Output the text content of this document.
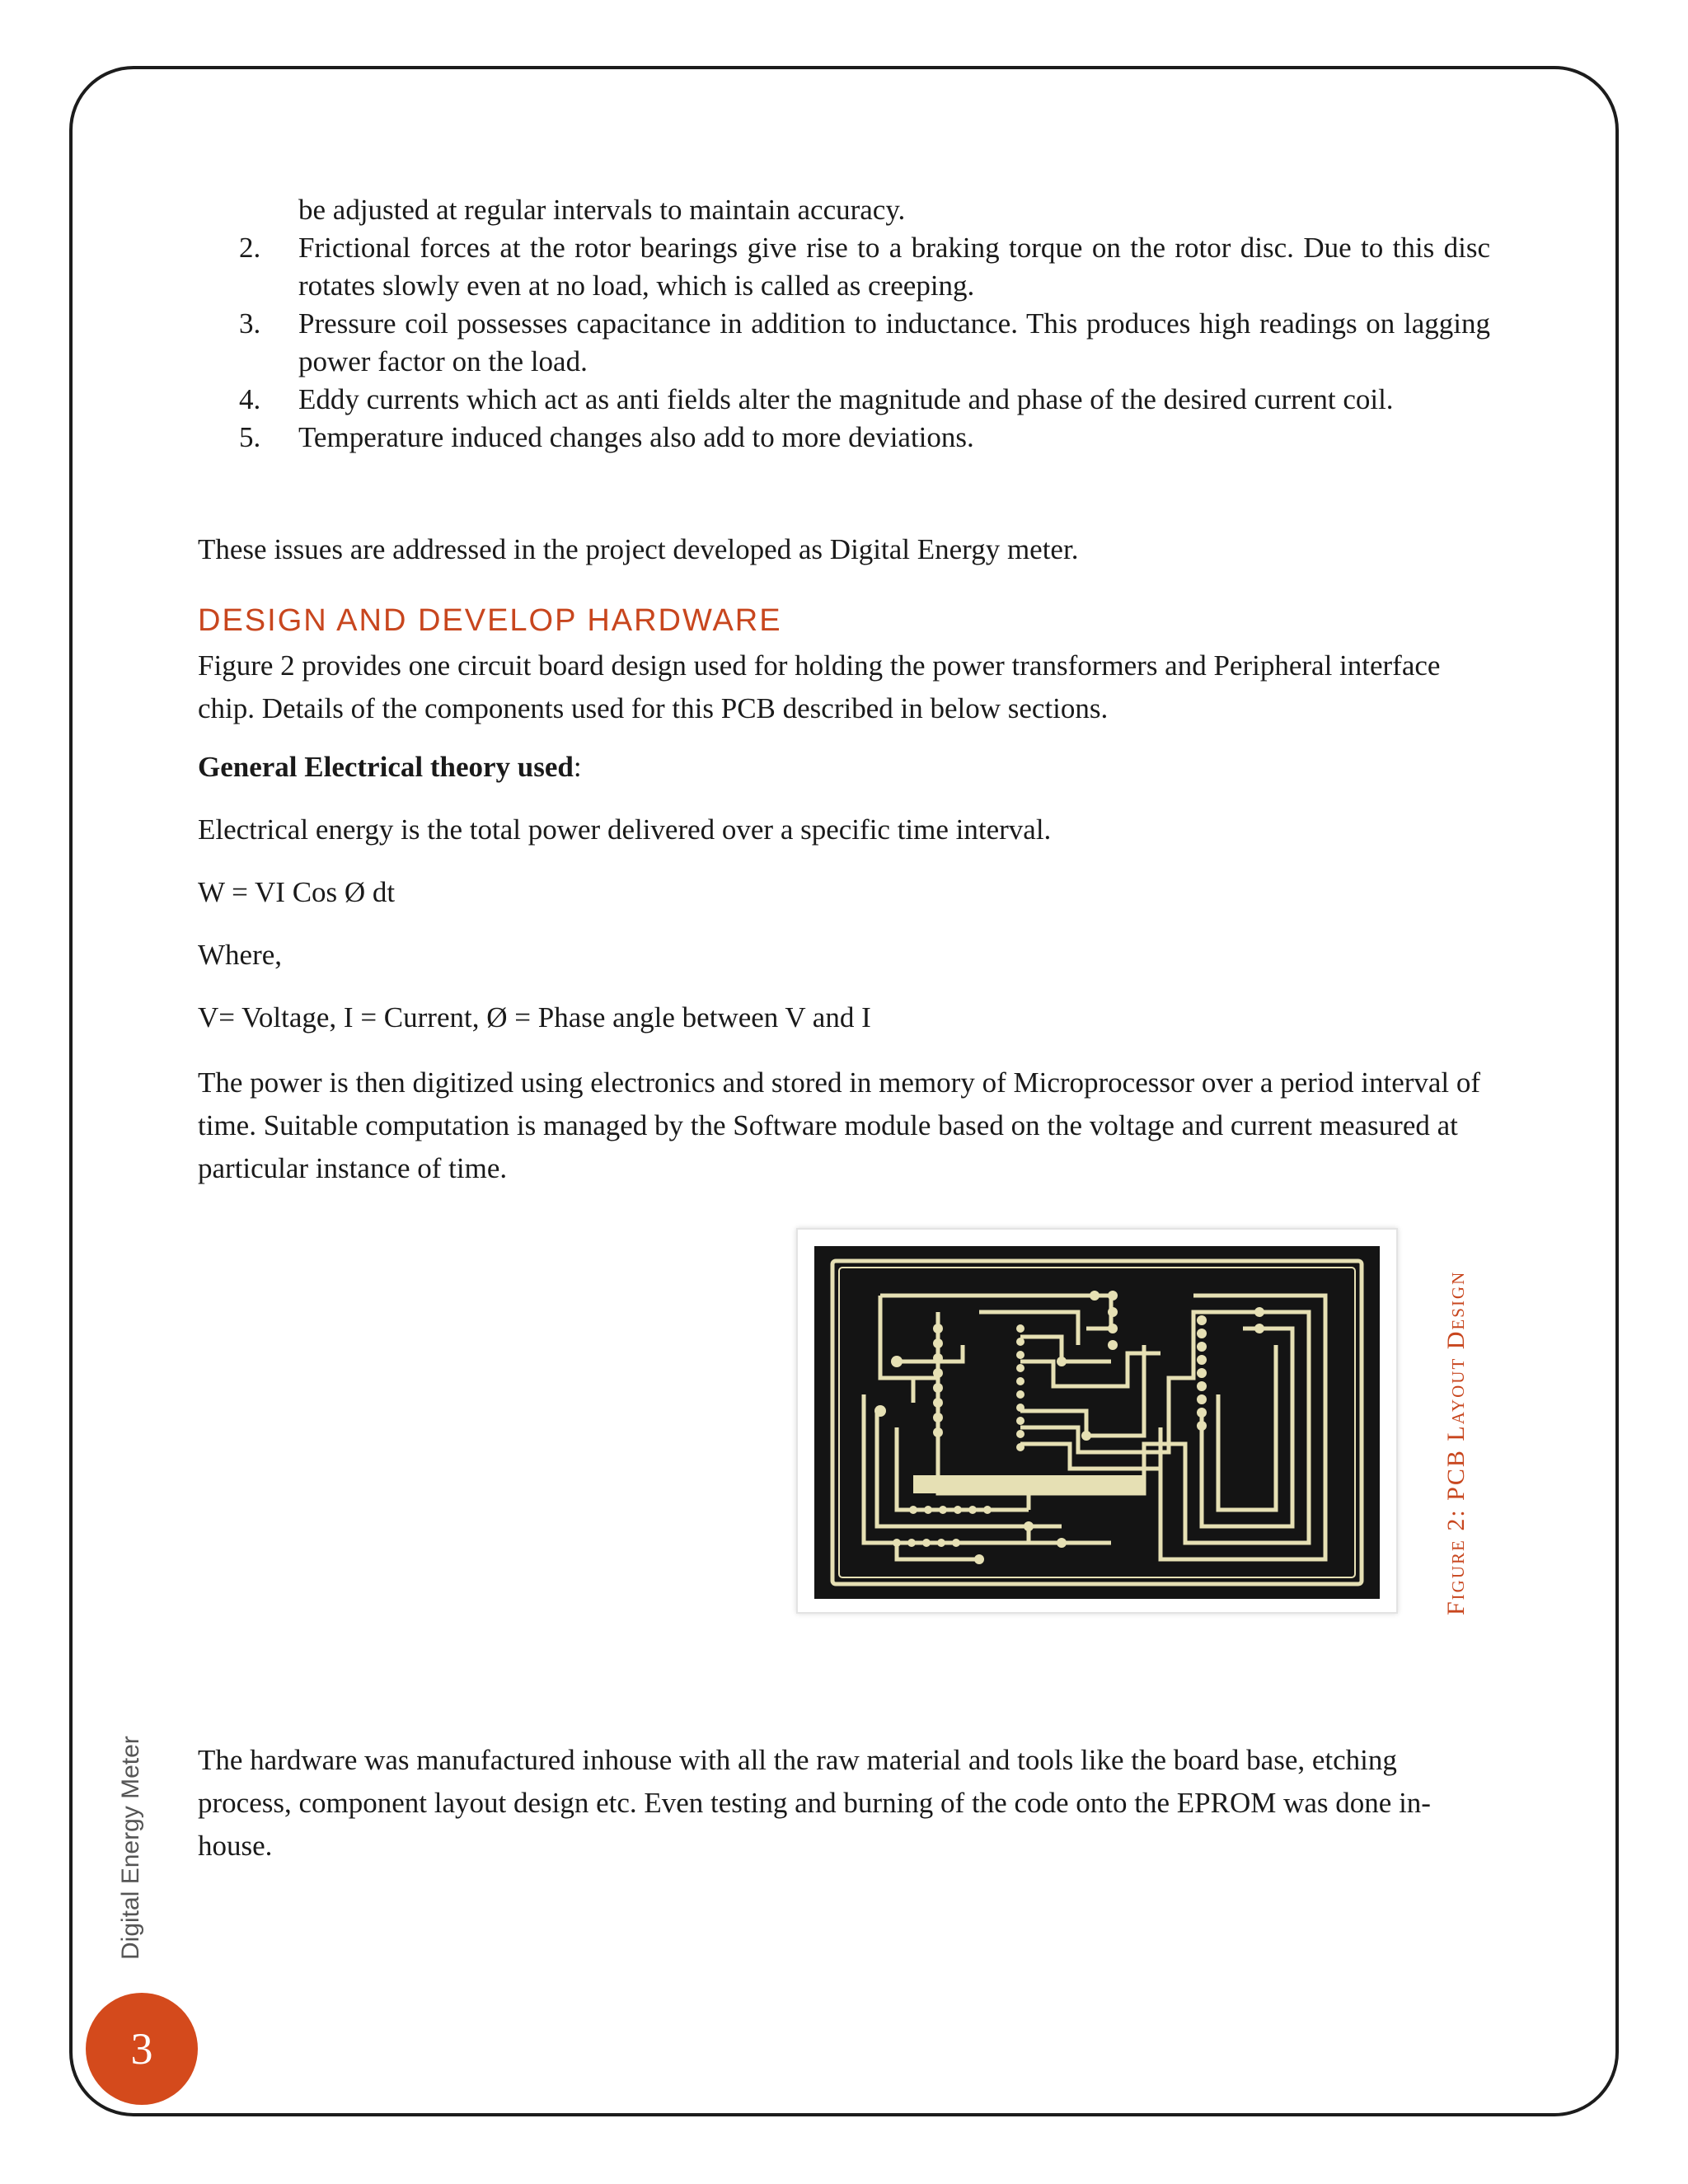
be adjusted at regular intervals to maintain accuracy.
2. Frictional forces at the rotor bearings give rise to a braking torque on the rotor disc. Due to this disc rotates slowly even at no load, which is called as creeping.
3. Pressure coil possesses capacitance in addition to inductance. This produces high readings on lagging power factor on the load.
4. Eddy currents which act as anti fields alter the magnitude and phase of the desired current coil.
5. Temperature induced changes also add to more deviations.

These issues are addressed in the project developed as Digital Energy meter.

DESIGN AND DEVELOP HARDWARE

Figure 2 provides one circuit board design used for holding the power transformers and Peripheral interface chip. Details of the components used for this PCB described in below sections.

General Electrical theory used:

Electrical energy is the total power delivered over a specific time interval.

W = VI Cos Ø dt

Where,

V= Voltage, I = Current, Ø = Phase angle between V and I

The power is then digitized using electronics and stored in memory of Microprocessor over a period interval of time. Suitable computation is managed by the Software module based on the voltage and current measured at particular instance of time.

Figure 2: PCB Layout Design

The hardware was manufactured inhouse with all the raw material and tools like the board base, etching process, component layout design etc. Even testing and burning of the code onto the EPROM was done in-house.

Digital Energy Meter
3
